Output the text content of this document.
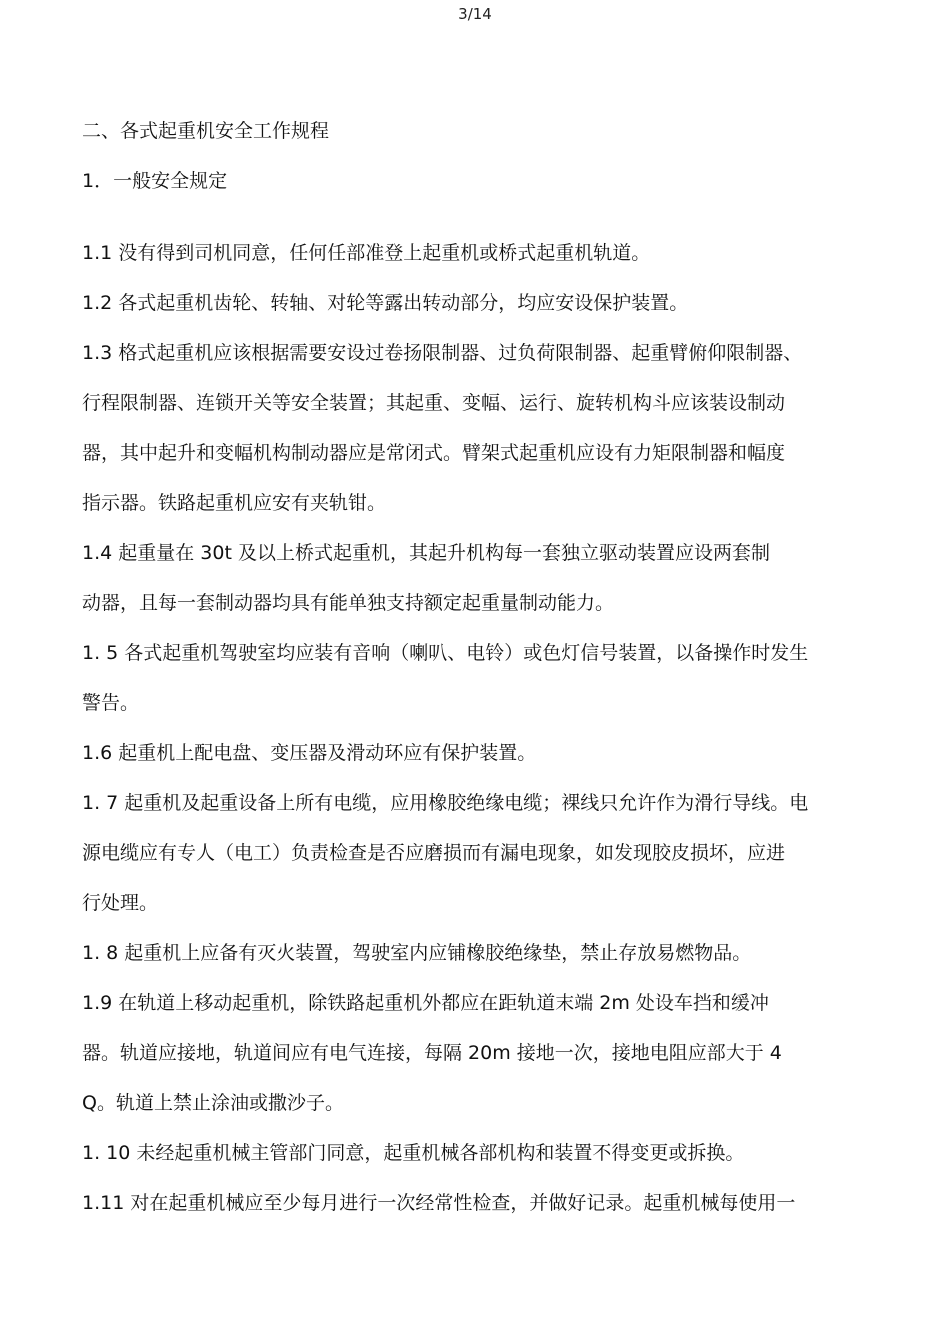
3/14
二、各式起重机安全工作规程
1．一般安全规定
1.1 没有得到司机同意，任何任部准登上起重机或桥式起重机轨道。
1.2 各式起重机齿轮、转轴、对轮等露出转动部分，均应安设保护装置。
1.3 格式起重机应该根据需要安设过卷扬限制器、过负荷限制器、起重臂俯仰限制器、
行程限制器、连锁开关等安全装置；其起重、变幅、运行、旋转机构斗应该装设制动
器，其中起升和变幅机构制动器应是常闭式。臂架式起重机应设有力矩限制器和幅度
指示器。铁路起重机应安有夹轨钳。
1.4 起重量在 30t 及以上桥式起重机，其起升机构每一套独立驱动装置应设两套制
动器，且每一套制动器均具有能单独支持额定起重量制动能力。
1. 5 各式起重机驾驶室均应装有音响（喇叭、电铃）或色灯信号装置，以备操作时发生
警告。
1.6 起重机上配电盘、变压器及滑动环应有保护装置。
1. 7 起重机及起重设备上所有电缆，应用橡胶绝缘电缆；裸线只允许作为滑行导线。电
源电缆应有专人（电工）负责检查是否应磨损而有漏电现象，如发现胶皮损坏，应进
行处理。
1. 8 起重机上应备有灭火装置，驾驶室内应铺橡胶绝缘垫，禁止存放易燃物品。
1.9 在轨道上移动起重机，除铁路起重机外都应在距轨道末端 2m 处设车挡和缓冲
器。轨道应接地，轨道间应有电气连接，每隔 20m 接地一次，接地电阻应部大于 4
Q。轨道上禁止涂油或撒沙子。
1. 10 未经起重机械主管部门同意，起重机械各部机构和装置不得变更或拆换。
1.11 对在起重机械应至少每月进行一次经常性检查，并做好记录。起重机械每使用一
